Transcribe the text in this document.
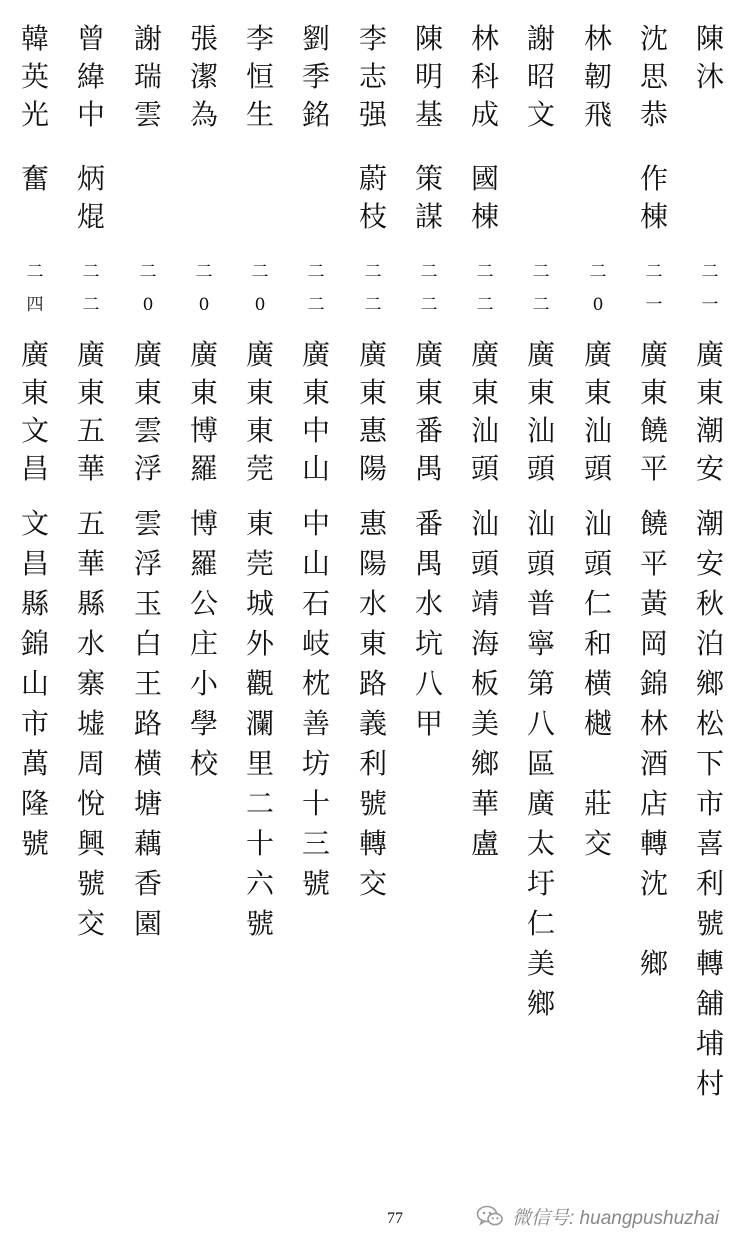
陳
沐
二
一
廣
東
潮
安
潮
安
秋
泊
鄉
松
下
市
喜
利
號
轉
舖
埔
村
沈
思
恭
作
棟
二
一
廣
東
饒
平
饒
平
黃
岡
錦
林
酒
店
轉
沈

鄉
林
韌
飛
二
0
廣
東
汕
頭
汕
頭
仁
和
横
樾

莊
交
謝
昭
文
二
二
廣
東
汕
頭
汕
頭
普
寧
第
八
區
廣
太
圩
仁
美
鄉
林
科
成
國
棟
二
二
廣
東
汕
頭
汕
頭
靖
海
板
美
鄉
華
盧
陳
明
基
策
謀
二
二
廣
東
番
禺
番
禺
水
坑
八
甲
李
志
强
蔚
枝
二
二
廣
東
惠
陽
惠
陽
水
東
路
義
利
號
轉
交
劉
季
銘
二
二
廣
東
中
山
中
山
石
岐
枕
善
坊
十
三
號
李
恒
生
二
0
廣
東
東
莞
東
莞
城
外
觀
瀾
里
二
十
六
號
張
潔
為
二
0
廣
東
博
羅
博
羅
公
庄
小
學
校
謝
瑞
雲
二
0
廣
東
雲
浮
雲
浮
玉
白
王
路
横
塘
藕
香
園
曾
緯
中
炳
焜
二
二
廣
東
五
華
五
華
縣
水
寨
墟
周
悅
興
號
交
韓
英
光
奮
二
四
廣
東
文
昌
文
昌
縣
錦
山
市
萬
隆
號
77	微信号: huangpushuzhai
